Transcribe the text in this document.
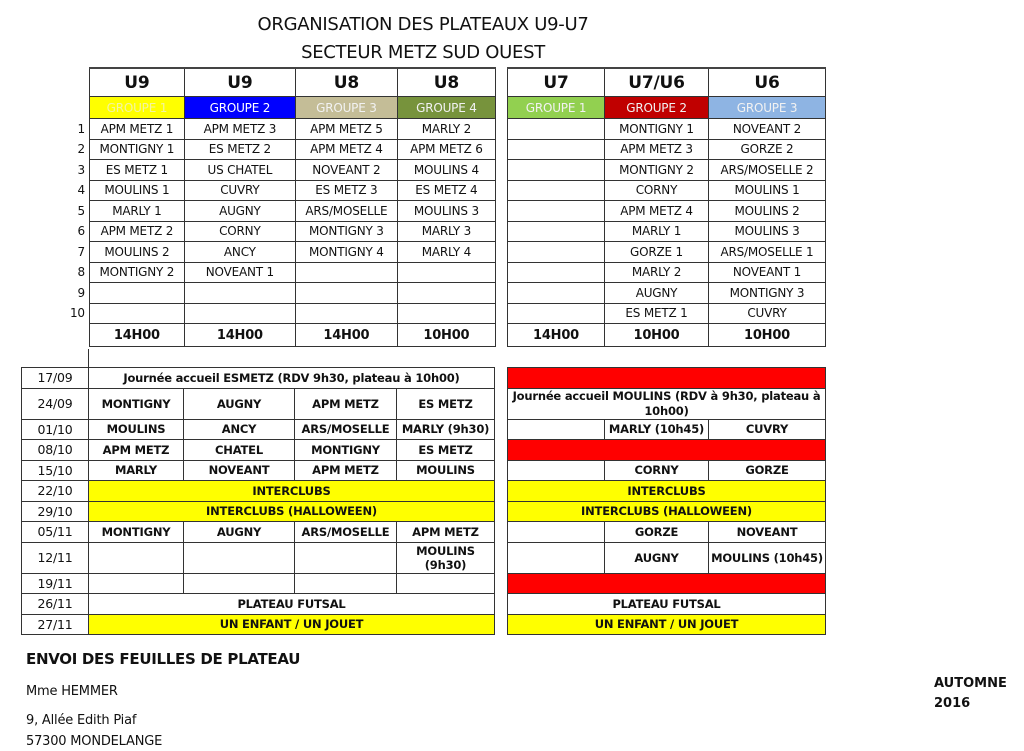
ORGANISATION DES PLATEAUX U9-U7
SECTEUR METZ SUD OUEST
	U9	U9	U8	U8
	GROUPE 1	GROUPE 2	GROUPE 3	GROUPE 4
1	APM METZ 1	APM METZ 3	APM METZ 5	MARLY 2
2	MONTIGNY 1	ES METZ 2	APM METZ 4	APM METZ 6
3	ES METZ 1	US CHATEL	NOVEANT 2	MOULINS 4
4	MOULINS 1	CUVRY	ES METZ 3	ES METZ 4
5	MARLY 1	AUGNY	ARS/MOSELLE	MOULINS 3
6	APM METZ 2	CORNY	MONTIGNY 3	MARLY 3
7	MOULINS 2	ANCY	MONTIGNY 4	MARLY 4
8	MONTIGNY 2	NOVEANT 1		
9				
10				
	14H00	14H00	14H00	10H00
U7	U7/U6	U6
GROUPE 1	GROUPE 2	GROUPE 3
	MONTIGNY 1	NOVEANT 2
	APM METZ 3	GORZE 2
	MONTIGNY 2	ARS/MOSELLE 2
	CORNY	MOULINS 1
	APM METZ 4	MOULINS 2
	MARLY 1	MOULINS 3
	GORZE 1	ARS/MOSELLE 1
	MARLY 2	NOVEANT 1
	AUGNY	MONTIGNY 3
	ES METZ 1	CUVRY
14H00	10H00	10H00
17/09	Journée accueil ESMETZ (RDV 9h30, plateau à 10h00)			
24/09	MONTIGNY	AUGNY	APM METZ	ES METZ
01/10	MOULINS	ANCY	ARS/MOSELLE	MARLY (9h30)
08/10	APM METZ	CHATEL	MONTIGNY	ES METZ
15/10	MARLY	NOVEANT	APM METZ	MOULINS
22/10	INTERCLUBS			
29/10	INTERCLUBS (HALLOWEEN)			
05/11	MONTIGNY	AUGNY	ARS/MOSELLE	APM METZ
12/11				MOULINS (9h30)
19/11				
26/11	PLATEAU FUTSAL			
27/11	UN ENFANT / UN JOUET			

Journée accueil MOULINS (RDV à 9h30, plateau à 10h00)		
	MARLY (10h45)	CUVRY

	CORNY	GORZE
INTERCLUBS		
INTERCLUBS (HALLOWEEN)		
	GORZE	NOVEANT
	AUGNY	MOULINS (10h45)

PLATEAU FUTSAL		
UN ENFANT / UN JOUET		
ENVOI DES FEUILLES DE PLATEAU
Mme HEMMER
9, Allée Edith Piaf
57300 MONDELANGE
AUTOMNE
2016
